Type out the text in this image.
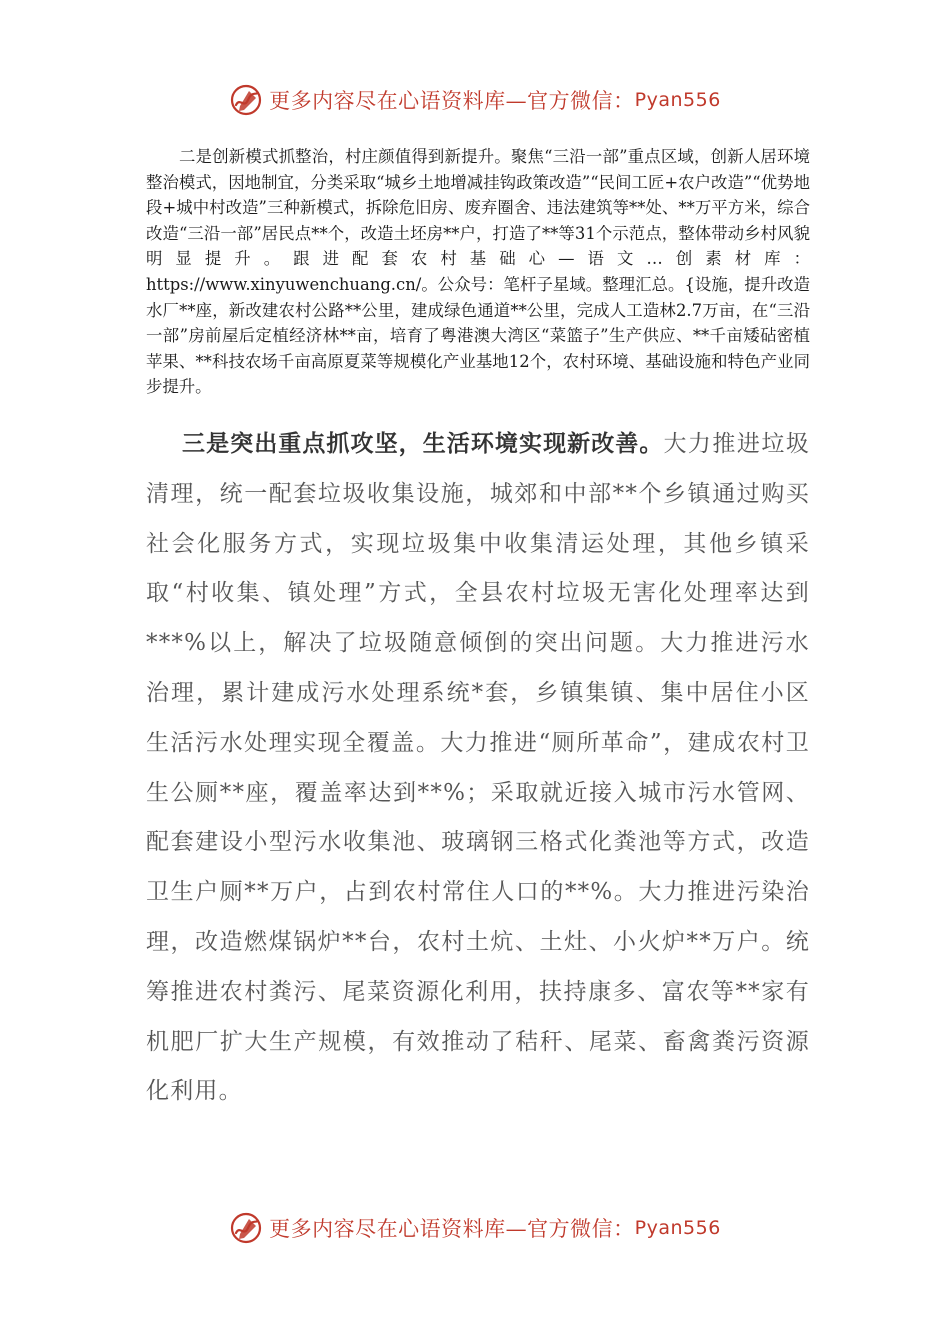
更多内容尽在心语资料库—官方微信： Pyan556

二是创新模式抓整治，村庄颜值得到新提升。聚焦“三沿一部”重点区域，创新人居环境整治模式，因地制宜，分类采取“城乡土地增减挂钩政策改造”“民间工匠+农户改造”“优势地段+城中村改造”三种新模式，拆除危旧房、废弃圈舍、违法建筑等**处、**万平方米，综合改造“三沿一部”居民点**个，改造土坯房**户，打造了**等31个示范点，整体带动乡村风貌明显提升。跟进配套农村基础心—语文…创素材库：https://www.xinyuwenchuang.cn/。公众号：笔杆子星域。整理汇总。{设施，提升改造水厂**座，新改建农村公路**公里，建成绿色通道**公里，完成人工造林2.7万亩，在“三沿一部”房前屋后定植经济林**亩，培育了粤港澳大湾区“菜篮子”生产供应、**千亩矮砧密植苹果、**科技农场千亩高原夏菜等规模化产业基地12个，农村环境、基础设施和特色产业同步提升。

三是突出重点抓攻坚，生活环境实现新改善。大力推进垃圾清理，统一配套垃圾收集设施，城郊和中部**个乡镇通过购买社会化服务方式，实现垃圾集中收集清运处理，其他乡镇采取“村收集、镇处理”方式，全县农村垃圾无害化处理率达到***%以上，解决了垃圾随意倾倒的突出问题。大力推进污水治理，累计建成污水处理系统*套，乡镇集镇、集中居住小区生活污水处理实现全覆盖。大力推进“厕所革命”，建成农村卫生公厕**座，覆盖率达到**%；采取就近接入城市污水管网、配套建设小型污水收集池、玻璃钢三格式化粪池等方式，改造卫生户厕**万户，占到农村常住人口的**%。大力推进污染治理，改造燃煤锅炉**台，农村土炕、土灶、小火炉**万户。统筹推进农村粪污、尾菜资源化利用，扶持康多、富农等**家有机肥厂扩大生产规模，有效推动了秸秆、尾菜、畜禽粪污资源化利用。

更多内容尽在心语资料库—官方微信： Pyan556
